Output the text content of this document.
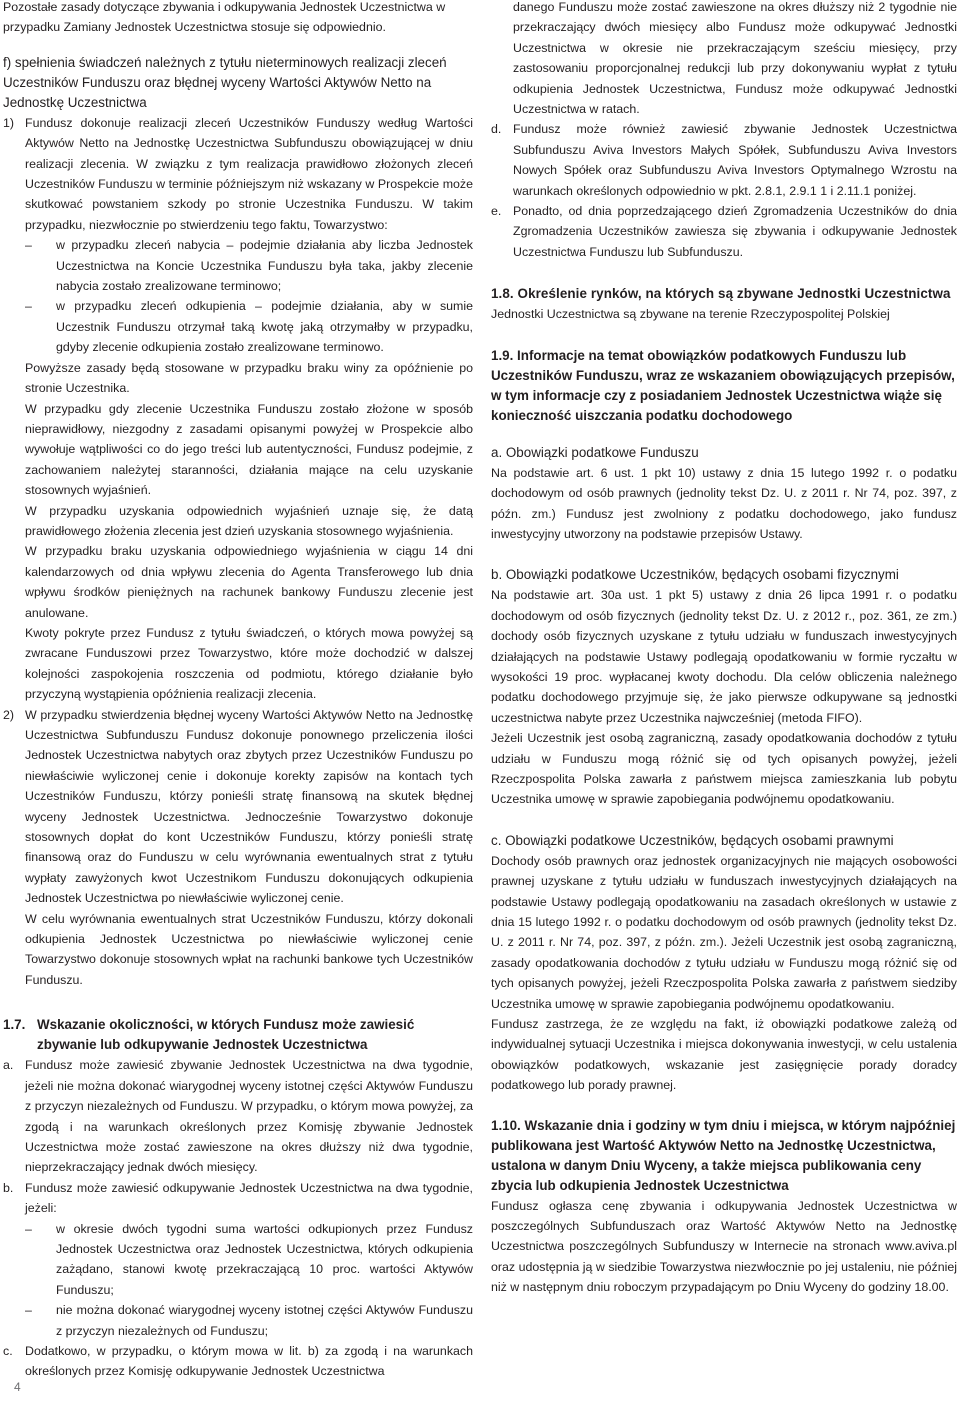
Pozostałe zasady dotyczące zbywania i odkupywania Jednostek Uczestnictwa w przypadku Zamiany Jednostek Uczestnictwa stosuje się odpowiednio.

f) spełnienia świadczeń należnych z tytułu nieterminowych realizacji zleceń Uczestników Funduszu oraz błędnej wyceny Wartości Aktywów Netto na Jednostkę Uczestnictwa

1) Fundusz dokonuje realizacji zleceń Uczestników Funduszy według Wartości Aktywów Netto na Jednostkę Uczestnictwa Subfunduszu obowiązującej w dniu realizacji zlecenia. W związku z tym realizacja prawidłowo złożonych zleceń Uczestników Funduszu w terminie późniejszym niż wskazany w Prospekcie może skutkować powstaniem szkody po stronie Uczestnika Funduszu. W takim przypadku, niezwłocznie po stwierdzeniu tego faktu, Towarzystwo:

–	w przypadku zleceń nabycia – podejmie działania aby liczba Jednostek Uczestnictwa na Koncie Uczestnika Funduszu była taka, jakby zlecenie nabycia zostało zrealizowane terminowo;

–	w przypadku zleceń odkupienia – podejmie działania, aby w sumie Uczestnik Funduszu otrzymał taką kwotę jaką otrzymałby w przypadku, gdyby zlecenie odkupienia zostało zrealizowane terminowo.

Powyższe zasady będą stosowane w przypadku braku winy za opóźnienie po stronie Uczestnika.

W przypadku gdy zlecenie Uczestnika Funduszu zostało złożone w sposób nieprawidłowy, niezgodny z zasadami opisanymi powyżej w Prospekcie albo wywołuje wątpliwości co do jego treści lub autentyczności, Fundusz podejmie, z zachowaniem należytej staranności, działania mające na celu uzyskanie stosownych wyjaśnień.

W przypadku uzyskania odpowiednich wyjaśnień uznaje się, że datą prawidłowego złożenia zlecenia jest dzień uzyskania stosownego wyjaśnienia.

W przypadku braku uzyskania odpowiedniego wyjaśnienia w ciągu 14 dni kalendarzowych od dnia wpływu zlecenia do Agenta Transferowego lub dnia wpływu środków pieniężnych na rachunek bankowy Funduszu zlecenie jest anulowane.

Kwoty pokryte przez Fundusz z tytułu świadczeń, o których mowa powyżej są zwracane Funduszowi przez Towarzystwo, które może dochodzić w dalszej kolejności zaspokojenia roszczenia od podmiotu, którego działanie było przyczyną wystąpienia opóźnienia realizacji zlecenia.

2) W przypadku stwierdzenia błędnej wyceny Wartości Aktywów Netto na Jednostkę Uczestnictwa Subfunduszu Fundusz dokonuje ponownego przeliczenia ilości Jednostek Uczestnictwa nabytych oraz zbytych przez Uczestników Funduszu po niewłaściwie wyliczonej cenie i dokonuje korekty zapisów na kontach tych Uczestników Funduszu, którzy ponieśli stratę finansową na skutek błędnej wyceny Jednostek Uczestnictwa. Jednocześnie Towarzystwo dokonuje stosownych dopłat do kont Uczestników Funduszu, którzy ponieśli stratę finansową oraz do Funduszu w celu wyrównania ewentualnych strat z tytułu wypłaty zawyżonych kwot Uczestnikom Funduszu dokonujących odkupienia Jednostek Uczestnictwa po niewłaściwie wyliczonej cenie.

W celu wyrównania ewentualnych strat Uczestników Funduszu, którzy dokonali odkupienia Jednostek Uczestnictwa po niewłaściwie wyliczonej cenie Towarzystwo dokonuje stosownych wpłat na rachunki bankowe tych Uczestników Funduszu.

1.7. Wskazanie okoliczności, w których Fundusz może zawiesić zbywanie lub odkupywanie Jednostek Uczestnictwa

a. Fundusz może zawiesić zbywanie Jednostek Uczestnictwa na dwa tygodnie, jeżeli nie można dokonać wiarygodnej wyceny istotnej części Aktywów Funduszu z przyczyn niezależnych od Funduszu. W przypadku, o którym mowa powyżej, za zgodą i na warunkach określonych przez Komisję zbywanie Jednostek Uczestnictwa może zostać zawieszone na okres dłuższy niż dwa tygodnie, nieprzekraczający jednak dwóch miesięcy.

b. Fundusz może zawiesić odkupywanie Jednostek Uczestnictwa na dwa tygodnie, jeżeli:

–	w okresie dwóch tygodni suma wartości odkupionych przez Fundusz Jednostek Uczestnictwa oraz Jednostek Uczestnictwa, których odkupienia zażądano, stanowi kwotę przekraczającą 10 proc. wartości Aktywów Funduszu;

–	nie można dokonać wiarygodnej wyceny istotnej części Aktywów Funduszu z przyczyn niezależnych od Funduszu;

c. Dodatkowo, w przypadku, o którym mowa w lit. b) za zgodą i na warunkach określonych przez Komisję odkupywanie Jednostek Uczestnictwa

danego Funduszu może zostać zawieszone na okres dłuższy niż 2 tygodnie nie przekraczający dwóch miesięcy albo Fundusz może odkupywać Jednostki Uczestnictwa w okresie nie przekraczającym sześciu miesięcy, przy zastosowaniu proporcjonalnej redukcji lub przy dokonywaniu wypłat z tytułu odkupienia Jednostek Uczestnictwa, Fundusz może odkupywać Jednostki Uczestnictwa w ratach.

d. Fundusz może również zawiesić zbywanie Jednostek Uczestnictwa Subfunduszu Aviva Investors Małych Spółek, Subfunduszu Aviva Investors Nowych Spółek oraz Subfunduszu Aviva Investors Optymalnego Wzrostu na warunkach określonych odpowiednio w pkt. 2.8.1, 2.9.1 1 i 2.11.1 poniżej.

e. Ponadto, od dnia poprzedzającego dzień Zgromadzenia Uczestników do dnia Zgromadzenia Uczestników zawiesza się zbywania i odkupywanie Jednostek Uczestnictwa Funduszu lub Subfunduszu.

1.8. Określenie rynków, na których są zbywane Jednostki Uczestnictwa

Jednostki Uczestnictwa są zbywane na terenie Rzeczypospolitej Polskiej

1.9. Informacje na temat obowiązków podatkowych Funduszu lub Uczestników Funduszu, wraz ze wskazaniem obowiązujących przepisów, w tym informacje czy z posiadaniem Jednostek Uczestnictwa wiąże się konieczność uiszczania podatku dochodowego

a. Obowiązki podatkowe Funduszu

Na podstawie art. 6 ust. 1 pkt 10) ustawy z dnia 15 lutego 1992 r. o podatku dochodowym od osób prawnych (jednolity tekst Dz. U. z 2011 r. Nr 74, poz. 397, z późn. zm.) Fundusz jest zwolniony z podatku dochodowego, jako fundusz inwestycyjny utworzony na podstawie przepisów Ustawy.

b. Obowiązki podatkowe Uczestników, będących osobami fizycznymi

Na podstawie art. 30a ust. 1 pkt 5) ustawy z dnia 26 lipca 1991 r. o podatku dochodowym od osób fizycznych (jednolity tekst Dz. U. z 2012 r., poz. 361, ze zm.) dochody osób fizycznych uzyskane z tytułu udziału w funduszach inwestycyjnych działających na podstawie Ustawy podlegają opodatkowaniu w formie ryczałtu w wysokości 19 proc. wypłacanej kwoty dochodu. Dla celów obliczenia należnego podatku dochodowego przyjmuje się, że jako pierwsze odkupywane są jednostki uczestnictwa nabyte przez Uczestnika najwcześniej (metoda FIFO).

Jeżeli Uczestnik jest osobą zagraniczną, zasady opodatkowania dochodów z tytułu udziału w Funduszu mogą różnić się od tych opisanych powyżej, jeżeli Rzeczpospolita Polska zawarła z państwem miejsca zamieszkania lub pobytu Uczestnika umowę w sprawie zapobiegania podwójnemu opodatkowaniu.

c. Obowiązki podatkowe Uczestników, będących osobami prawnymi

Dochody osób prawnych oraz jednostek organizacyjnych nie mających osobowości prawnej uzyskane z tytułu udziału w funduszach inwestycyjnych działających na podstawie Ustawy podlegają opodatkowaniu na zasadach określonych w ustawie z dnia 15 lutego 1992 r. o podatku dochodowym od osób prawnych (jednolity tekst Dz. U. z 2011 r. Nr 74, poz. 397, z późn. zm.). Jeżeli Uczestnik jest osobą zagraniczną, zasady opodatkowania dochodów z tytułu udziału w Funduszu mogą różnić się od tych opisanych powyżej, jeżeli Rzeczpospolita Polska zawarła z państwem siedziby Uczestnika umowę w sprawie zapobiegania podwójnemu opodatkowaniu.

Fundusz zastrzega, że ze względu na fakt, iż obowiązki podatkowe zależą od indywidualnej sytuacji Uczestnika i miejsca dokonywania inwestycji, w celu ustalenia obowiązków podatkowych, wskazanie jest zasięgnięcie porady doradcy podatkowego lub porady prawnej.

1.10. Wskazanie dnia i godziny w tym dniu i miejsca, w którym najpóźniej publikowana jest Wartość Aktywów Netto na Jednostkę Uczestnictwa, ustalona w danym Dniu Wyceny, a także miejsca publikowania ceny zbycia lub odkupienia Jednostek Uczestnictwa

Fundusz ogłasza cenę zbywania i odkupywania Jednostek Uczestnictwa w poszczególnych Subfunduszach oraz Wartość Aktywów Netto na Jednostkę Uczestnictwa poszczególnych Subfunduszy w Internecie na stronach www.aviva.pl oraz udostępnia ją w siedzibie Towarzystwa niezwłocznie po jej ustaleniu, nie później niż w następnym dniu roboczym przypadającym po Dniu Wyceny do godziny 18.00.

4
